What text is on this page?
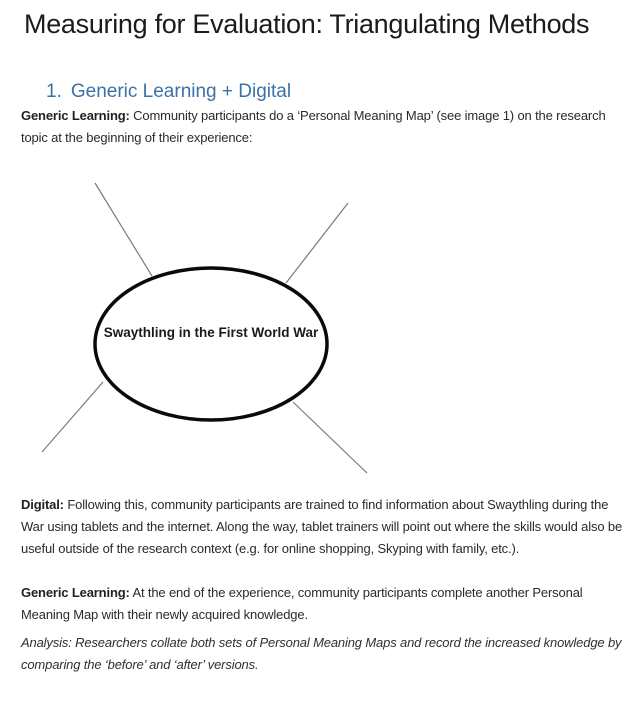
Measuring for Evaluation: Triangulating Methods
1. Generic Learning + Digital

Generic Learning: Community participants do a ‘Personal Meaning Map’ (see image 1) on the research topic at the beginning of their experience:

Swaythling in the First World War

Digital: Following this, community participants are trained to find information about Swaythling during the War using tablets and the internet. Along the way, tablet trainers will point out where the skills would also be useful outside of the research context (e.g. for online shopping, Skyping with family, etc.).

Generic Learning: At the end of the experience, community participants complete another Personal Meaning Map with their newly acquired knowledge.

Analysis: Researchers collate both sets of Personal Meaning Maps and record the increased knowledge by comparing the ‘before’ and ‘after’ versions.
